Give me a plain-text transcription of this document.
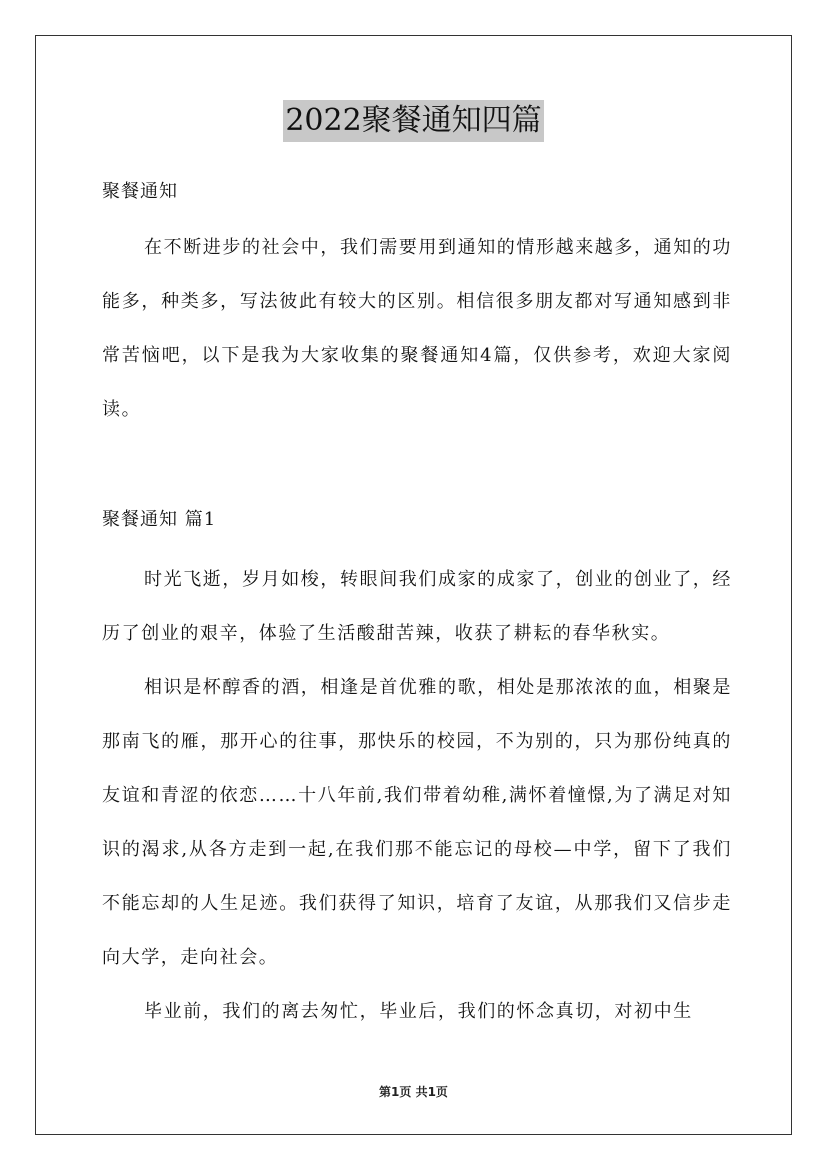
2022聚餐通知四篇
聚餐通知

在不断进步的社会中，我们需要用到通知的情形越来越多，通知的功能多，种类多，写法彼此有较大的区别。相信很多朋友都对写通知感到非常苦恼吧，以下是我为大家收集的聚餐通知4篇，仅供参考，欢迎大家阅读。

聚餐通知 篇1

时光飞逝，岁月如梭，转眼间我们成家的成家了，创业的创业了，经历了创业的艰辛，体验了生活酸甜苦辣，收获了耕耘的春华秋实。

相识是杯醇香的酒，相逢是首优雅的歌，相处是那浓浓的血，相聚是那南飞的雁，那开心的往事，那快乐的校园，不为别的，只为那份纯真的友谊和青涩的依恋……十八年前,我们带着幼稚,满怀着憧憬,为了满足对知识的渴求,从各方走到一起,在我们那不能忘记的母校—中学，留下了我们不能忘却的人生足迹。我们获得了知识，培育了友谊，从那我们又信步走向大学，走向社会。

毕业前，我们的离去匆忙，毕业后，我们的怀念真切，对初中生

第1页 共1页
